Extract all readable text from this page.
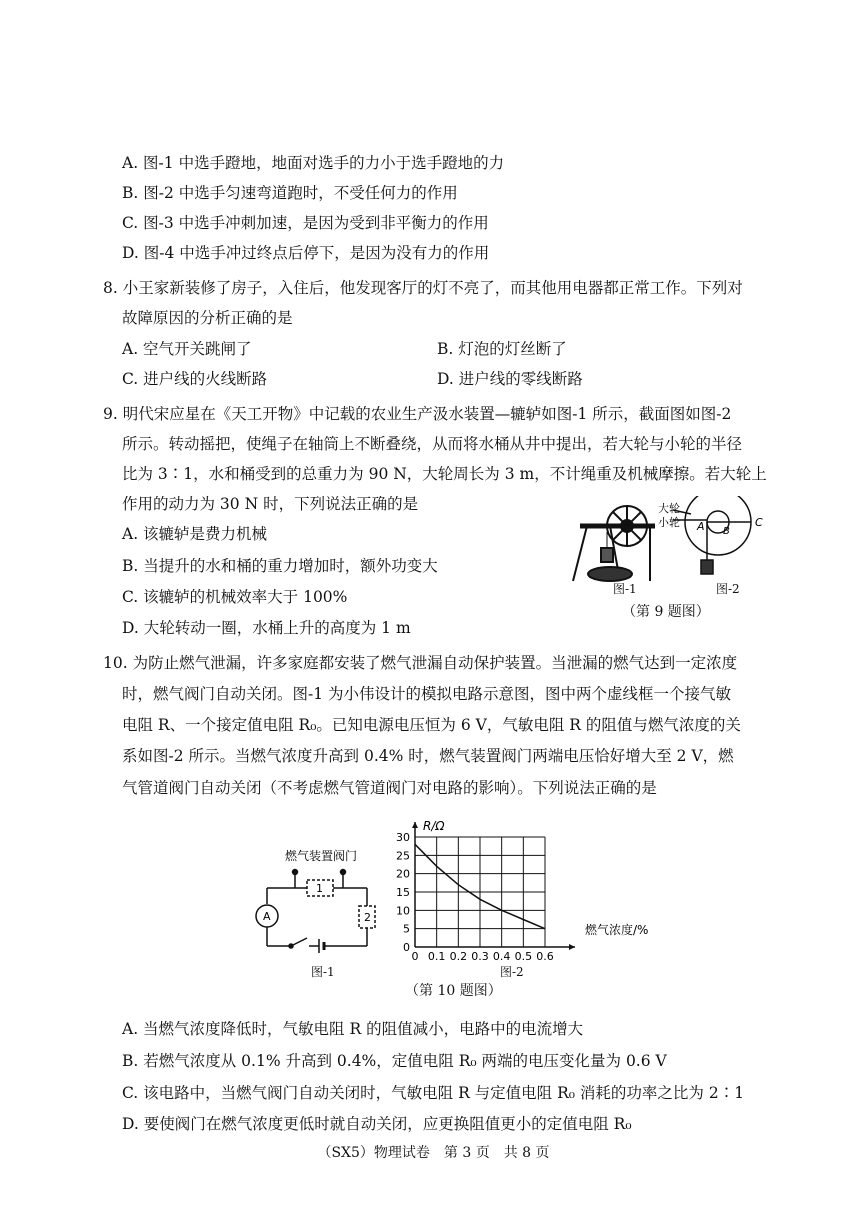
A. 图-1 中选手蹬地，地面对选手的力小于选手蹬地的力
B. 图-2 中选手匀速弯道跑时，不受任何力的作用
C. 图-3 中选手冲刺加速，是因为受到非平衡力的作用
D. 图-4 中选手冲过终点后停下，是因为没有力的作用
8. 小王家新装修了房子，入住后，他发现客厅的灯不亮了，而其他用电器都正常工作。下列对
故障原因的分析正确的是
A. 空气开关跳闸了	B. 灯泡的灯丝断了
C. 进户线的火线断路	D. 进户线的零线断路
9. 明代宋应星在《天工开物》中记载的农业生产汲水装置—辘轳如图-1 所示，截面图如图-2
所示。转动摇把，使绳子在轴筒上不断叠绕，从而将水桶从井中提出，若大轮与小轮的半径
比为 3∶1，水和桶受到的总重力为 90 N，大轮周长为 3 m，不计绳重及机械摩擦。若大轮上
作用的动力为 30 N 时，下列说法正确的是
A. 该辘轳是费力机械
B. 当提升的水和桶的重力增加时，额外功变大
C. 该辘轳的机械效率大于 100%
D. 大轮转动一圈，水桶上升的高度为 1 m
大轮
小轮 A B
C
图-1	图-2
（第 9 题图）
10. 为防止燃气泄漏，许多家庭都安装了燃气泄漏自动保护装置。当泄漏的燃气达到一定浓度
时，燃气阀门自动关闭。图-1 为小伟设计的模拟电路示意图，图中两个虚线框一个接气敏
电阻 R、一个接定值电阻 R₀。已知电源电压恒为 6 V，气敏电阻 R 的阻值与燃气浓度的关
系如图-2 所示。当燃气浓度升高到 0.4% 时，燃气装置阀门两端电压恰好增大至 2 V，燃
气管道阀门自动关闭（不考虑燃气管道阀门对电路的影响）。下列说法正确的是
燃气装置阀门
1
2
A
图-1
0 0.1 0.2 0.3 0.4 0.5 0.6
0
5
10
15
20
25
30
R/Ω
燃气浓度/%
图-2
（第 10 题图）
A. 当燃气浓度降低时，气敏电阻 R 的阻值减小，电路中的电流增大
B. 若燃气浓度从 0.1% 升高到 0.4%，定值电阻 R₀ 两端的电压变化量为 0.6 V
C. 该电路中，当燃气阀门自动关闭时，气敏电阻 R 与定值电阻 R₀ 消耗的功率之比为 2∶1
D. 要使阀门在燃气浓度更低时就自动关闭，应更换阻值更小的定值电阻 R₀
（SX5）物理试卷　第 3 页　共 8 页
